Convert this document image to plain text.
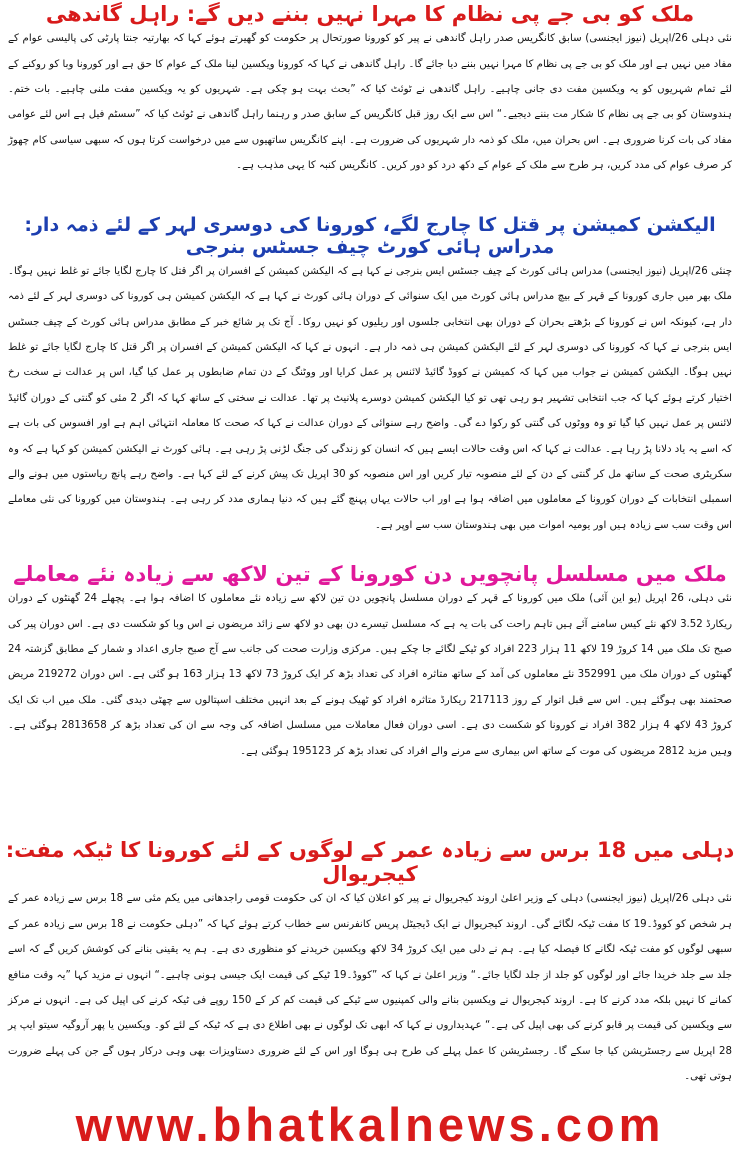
ملک کو بی جے پی نظام کا مہرا نہیں بننے دیں گے: راہل گاندھی

نئی دہلی 26/اپریل (نیوز ایجنسی) سابق کانگریس صدر راہل گاندھی نے پیر کو کورونا صورتحال پر حکومت کو گھیرتے ہوئے کہا کہ بھارتیہ جنتا پارٹی کی پالیسی عوام کے مفاد میں نہیں ہے اور ملک کو بی جے پی نظام کا مہرا نہیں بننے دیا جائے گا۔ راہل گاندھی نے کہا کہ کورونا ویکسین لینا ملک کے عوام کا حق ہے اور کورونا وبا کو روکنے کے لئے تمام شہریوں کو یہ ویکسین مفت دی جانی چاہیے۔ راہل گاندھی نے ٹوئٹ کیا کہ ”بحث بہت ہو چکی ہے۔ شہریوں کو یہ ویکسین مفت ملنی چاہیے۔ بات ختم۔ ہندوستان کو بی جے پی نظام کا شکار مت بننے دیجیے۔“ اس سے ایک روز قبل کانگریس کے سابق صدر و رہنما راہل گاندھی نے ٹوئٹ کیا کہ ”سسٹم فیل ہے اس لئے عوامی مفاد کی بات کرنا ضروری ہے۔ اس بحران میں، ملک کو ذمہ دار شہریوں کی ضرورت ہے۔ اپنے کانگریس ساتھیوں سے میں درخواست کرتا ہوں کہ سبھی سیاسی کام چھوڑ کر صرف عوام کی مدد کریں، ہر طرح سے ملک کے عوام کے دکھ درد کو دور کریں۔ کانگریس کنبہ کا یہی مذہب ہے۔

الیکشن کمیشن پر قتل کا چارج لگے، کورونا کی دوسری لہر کے لئے ذمہ دار: مدراس ہائی کورٹ چیف جسٹس بنرجی

چنئی 26/اپریل (نیوز ایجنسی) مدراس ہائی کورٹ کے چیف جسٹس ایس بنرجی نے کہا ہے کہ الیکشن کمیشن کے افسران پر اگر قتل کا چارج لگایا جائے تو غلط نہیں ہوگا۔ ملک بھر میں جاری کورونا کے قہر کے بیچ مدراس ہائی کورٹ میں ایک سنوائی کے دوران ہائی کورٹ نے کہا ہے کہ الیکشن کمیشن ہی کورونا کی دوسری لہر کے لئے ذمہ دار ہے، کیونکہ اس نے کورونا کے بڑھتے بحران کے دوران بھی انتخابی جلسوں اور ریلیوں کو نہیں روکا۔ آج تک پر شائع خبر کے مطابق مدراس ہائی کورٹ کے چیف جسٹس ایس بنرجی نے کہا کہ کورونا کی دوسری لہر کے لئے الیکشن کمیشن ہی ذمہ دار ہے۔ انہوں نے کہا کہ الیکشن کمیشن کے افسران پر اگر قتل کا چارج لگایا جائے تو غلط نہیں ہوگا۔ الیکشن کمیشن نے جواب میں کہا کہ کمیشن نے کووڈ گائیڈ لائنس پر عمل کرایا اور ووٹنگ کے دن تمام ضابطوں پر عمل کیا گیا، اس پر عدالت نے سخت رخ اختیار کرتے ہوئے کہا کہ جب انتخابی تشہیر ہو رہی تھی تو کیا الیکشن کمیشن دوسرے پلانیٹ پر تھا۔ عدالت نے سختی کے ساتھ کہا کہ اگر 2 مئی کو گنتی کے دوران گائیڈ لائنس پر عمل نہیں کیا گیا تو وہ ووٹوں کی گنتی کو رکوا دے گی۔ واضح رہے سنوائی کے دوران عدالت نے کہا کہ صحت کا معاملہ انتہائی اہم ہے اور افسوس کی بات ہے کہ اسے یہ یاد دلانا پڑ رہا ہے۔ عدالت نے کہا کہ اس وقت حالات ایسے ہیں کہ انسان کو زندگی کی جنگ لڑنی پڑ رہی ہے۔ ہائی کورٹ نے الیکشن کمیشن کو کہا ہے کہ وہ سکریٹری صحت کے ساتھ مل کر گنتی کے دن کے لئے منصوبہ تیار کریں اور اس منصوبہ کو 30 اپریل تک پیش کرنے کے لئے کہا ہے۔ واضح رہے پانچ ریاستوں میں ہونے والے اسمبلی انتخابات کے دوران کورونا کے معاملوں میں اضافہ ہوا ہے اور اب حالات یہاں پہنچ گئے ہیں کہ دنیا ہماری مدد کر رہی ہے۔ ہندوستان میں کورونا کی نئی معاملے اس وقت سب سے زیادہ ہیں اور یومیہ اموات میں بھی ہندوستان سب سے اوپر ہے۔

ملک میں مسلسل پانچویں دن کورونا کے تین لاکھ سے زیادہ نئے معاملے

نئی دہلی، 26 اپریل (یو این آئی) ملک میں کورونا کے قہر کے دوران مسلسل پانچویں دن تین لاکھ سے زیادہ نئے معاملوں کا اضافہ ہوا ہے۔ پچھلے 24 گھنٹوں کے دوران ریکارڈ 3.52 لاکھ نئے کیس سامنے آئے ہیں تاہم راحت کی بات یہ ہے کہ مسلسل تیسرے دن بھی دو لاکھ سے زائد مریضوں نے اس وبا کو شکست دی ہے۔ اس دوران پیر کی صبح تک ملک میں 14 کروڑ 19 لاکھ 11 ہزار 223 افراد کو ٹیکے لگائے جا چکے ہیں۔ مرکزی وزارت صحت کی جانب سے آج صبح جاری اعداد و شمار کے مطابق گزشتہ 24 گھنٹوں کے دوران ملک میں 352991 نئے معاملوں کی آمد کے ساتھ متاثرہ افراد کی تعداد بڑھ کر ایک کروڑ 73 لاکھ 13 ہزار 163 ہو گئی ہے۔ اس دوران 219272 مریض صحتمند بھی ہوگئے ہیں۔ اس سے قبل اتوار کے روز 217113 ریکارڈ متاثرہ افراد کو ٹھیک ہونے کے بعد انہیں مختلف اسپتالوں سے چھٹی دیدی گئی۔ ملک میں اب تک ایک کروڑ 43 لاکھ 4 ہزار 382 افراد نے کورونا کو شکست دی ہے۔ اسی دوران فعال معاملات میں مسلسل اضافہ کی وجہ سے ان کی تعداد بڑھ کر 2813658 ہوگئی ہے۔ وہیں مزید 2812 مریضوں کی موت کے ساتھ اس بیماری سے مرنے والے افراد کی تعداد بڑھ کر 195123 ہوگئی ہے۔

دہلی میں 18 برس سے زیادہ عمر کے لوگوں کے لئے کورونا کا ٹیکہ مفت: کیجریوال

نئی دہلی 26/اپریل (نیوز ایجنسی) دہلی کے وزیر اعلیٰ اروند کیجریوال نے پیر کو اعلان کیا کہ ان کی حکومت قومی راجدھانی میں یکم مئی سے 18 برس سے زیادہ عمر کے ہر شخص کو کووڈ۔19 کا مفت ٹیکہ لگائے گی۔ اروند کیجریوال نے ایک ڈیجیٹل پریس کانفرنس سے خطاب کرتے ہوئے کہا کہ ”دہلی حکومت نے 18 برس سے زیادہ عمر کے سبھی لوگوں کو مفت ٹیکہ لگانے کا فیصلہ کیا ہے۔ ہم نے دلی میں ایک کروڑ 34 لاکھ ویکسین خریدنے کو منظوری دی ہے۔ ہم یہ یقینی بنانے کی کوشش کریں گے کہ اسے جلد سے جلد خریدا جائے اور لوگوں کو جلد از جلد لگایا جائے۔“ وزیر اعلیٰ نے کہا کہ ”کووڈ۔19 ٹیکے کی قیمت ایک جیسی ہونی چاہیے۔“ انہوں نے مزید کہا ”یہ وقت منافع کمانے کا نہیں بلکہ مدد کرنے کا ہے۔ اروند کیجریوال نے ویکسین بنانے والی کمپنیوں سے ٹیکے کی قیمت کم کر کے 150 روپے فی ٹیکہ کرنے کی اپیل کی ہے۔ انہوں نے مرکز سے ویکسین کی قیمت پر قابو کرنے کی بھی اپیل کی ہے۔“ عہدیداروں نے کہا کہ ابھی تک لوگوں نے بھی اطلاع دی ہے کہ ٹیکہ کے لئے کو۔ ویکسین یا پھر آروگیہ سیتو ایپ پر 28 اپریل سے رجسٹریشن کیا جا سکے گا۔ رجسٹریشن کا عمل پہلے کی طرح ہی ہوگا اور اس کے لئے ضروری دستاویزات بھی وہی درکار ہوں گے جن کی پہلے ضرورت ہوتی تھی۔

www.bhatkalnews.com
